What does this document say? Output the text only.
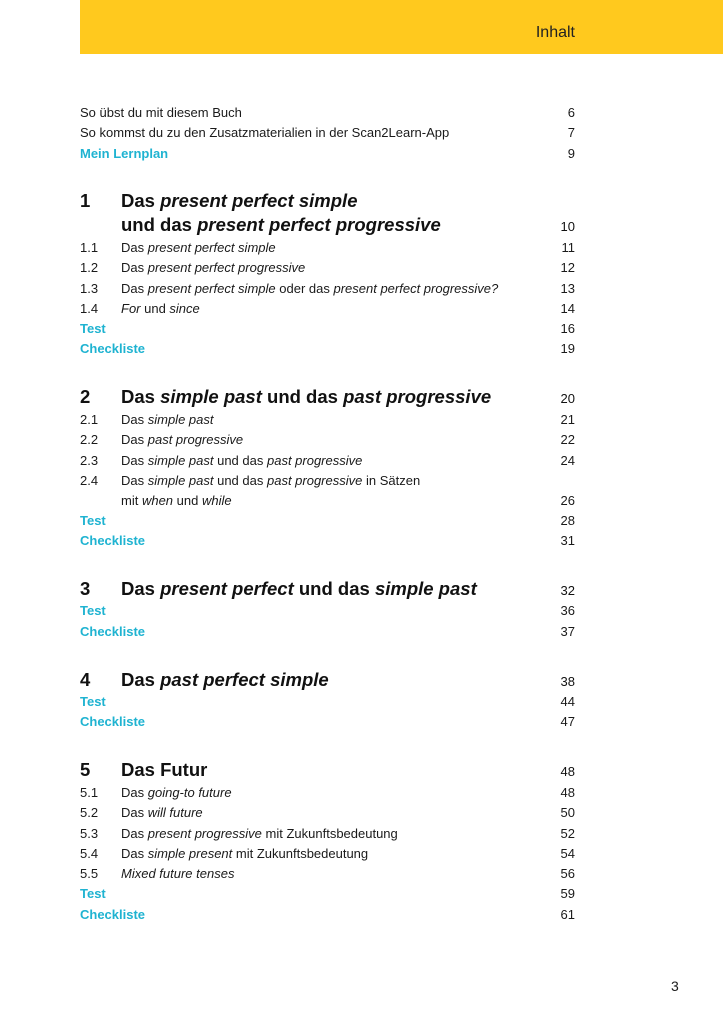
Inhalt
So übst du mit diesem Buch	6
So kommst du zu den Zusatzmaterialien in der Scan2Learn-App	7
Mein Lernplan	9
1 Das present perfect simple
und das present perfect progressive	10
1.1 Das present perfect simple	11
1.2 Das present perfect progressive	12
1.3 Das present perfect simple oder das present perfect progressive?	13
1.4 For und since	14
Test	16
Checkliste	19
2 Das simple past und das past progressive	20
2.1 Das simple past	21
2.2 Das past progressive	22
2.3 Das simple past und das past progressive	24
2.4 Das simple past und das past progressive in Sätzen
mit when und while	26
Test	28
Checkliste	31
3 Das present perfect und das simple past	32
Test	36
Checkliste	37
4 Das past perfect simple	38
Test	44
Checkliste	47
5 Das Futur	48
5.1 Das going-to future	48
5.2 Das will future	50
5.3 Das present progressive mit Zukunftsbedeutung	52
5.4 Das simple present mit Zukunftsbedeutung	54
5.5 Mixed future tenses	56
Test	59
Checkliste	61
3
